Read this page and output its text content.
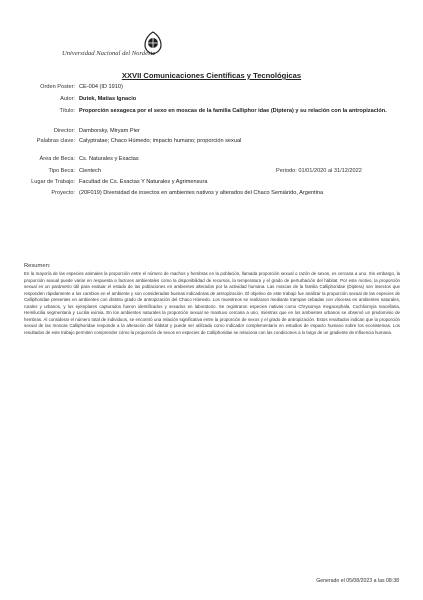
Universidad Nacional del Nordeste
XXVII Comunicaciones Científicas y Tecnológicas
Orden Poster: CE-004 (ID 1910)
Autor: Dutek, Matias Ignacio
Título: Proporción sexageca por el sexo en moscas de la familia Calliphor idae (Diptera) y su relación con la antropización.
Director: Damborsky, Miryam Pier
Palabras clave: Calyptratae; Chaco Húmedo; impacto humano; proporción sexual
Área de Beca: Cs. Naturales y Exactas
Tipo Beca: Cientech	Periodo: 01/01/2020 al 31/12/2022
Lugar de Trabajo: Facultad de Cs. Exactas Y Naturales y Agrimensura
Proyecto: (20F019) Diversidad de insectos en ambientes nativos y alterados del Chaco Semiárido, Argentina
Resumen:
En la mayoría de las especies animales la proporción entre el número de machos y hembras en la población, llamada proporción sexual o razón de sexos, es cercana a uno. Sin embargo, la proporción sexual puede variar en respuesta a factores ambientales como la disponibilidad de recursos, la temperatura y el grado de perturbación del hábitat. Por este motivo, la proporción sexual es un parámetro útil para evaluar el estado de las poblaciones en ambientes alterados por la actividad humana. Las moscas de la familia Calliphoridae (Diptera) son insectos que responden rápidamente a los cambios en el ambiente y son consideradas buenas indicadoras de antropización. El objetivo de este trabajo fue analizar la proporción sexual de las especies de Calliphoridae presentes en ambientes con distinto grado de antropización del Chaco Húmedo. Los muestreos se realizaron mediante trampas cebadas con vísceras en ambientes naturales, rurales y urbanos, y los ejemplares capturados fueron identificados y sexados en laboratorio. Se registraron especies nativas como Chrysomya megacephala, Cochliomyia macellaria, Hemilucilia segmentaria y Lucilia eximia. En los ambientes naturales la proporción sexual se mantuvo cercana a uno, mientras que en los ambientes urbanos se observó un predominio de hembras. Al considerar el número total de individuos, se encontró una relación significativa entre la proporción de sexos y el grado de antropización. Estos resultados indican que la proporción sexual de las moscas Calliphoridae responde a la alteración del hábitat y puede ser utilizada como indicador complementario en estudios de impacto humano sobre los ecosistemas. Los resultados de este trabajo permiten comprender cómo la proporción de sexos en especies de Calliphoridae se relaciona con las condiciones a lo largo de un gradiente de influencia humana.
Generado el 05/08/2023 a las 08:38
